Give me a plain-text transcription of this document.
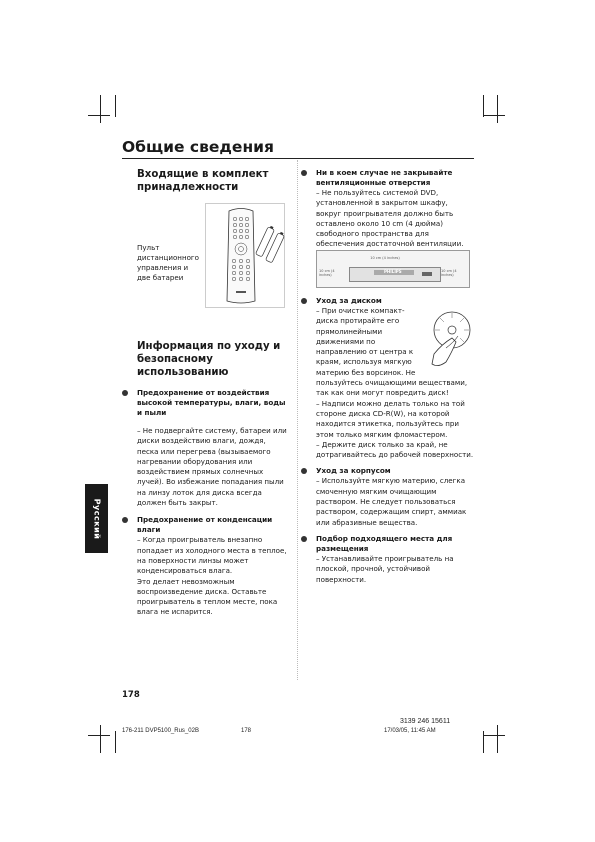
Общие сведения
Входящие в комплект принадлежности
Пульт дистанционного управления и две батареи
Информация по уходу и безопасному использованию
Предохранение от воздействия высокой температуры, влаги, воды и пыли

– Не подвергайте систему, батареи или диски воздействию влаги, дождя, песка или перегрева (вызываемого нагревании оборудования или воздействием прямых солнечных лучей). Во избежание попадания пыли на линзу лоток для диска всегда должен быть закрыт.

Предохранение от конденсации влаги

– Когда проигрыватель внезапно попадает из холодного места в теплое, на поверхности линзы может конденсироваться влага.

Это делает невозможным воспроизведение диска. Оставьте проигрыватель в теплом месте, пока влага не испарится.

Русский
Ни в коем случае не закрывайте вентиляционные отверстия

– Не пользуйтесь системой DVD, установленной в закрытом шкафу, вокруг проигрывателя должно быть оставлено около 10 cm (4 дюйма) свободного пространства для обеспечения достаточной вентиляции.

10 cm (4 inches)
10 cm (4 inches)
10 cm (4 inches)
PHILIPS
Уход за диском

– При очистке компакт-диска протирайте его прямолинейными движениями по направлению от центра к краям, используя мягкую материю без ворсинок. Не пользуйтесь очищающими веществами, так как они могут повредить диск!

– Надписи можно делать только на той стороне диска CD-R(W), на которой находится этикетка, пользуйтесь при этом только мягким фломастером.

– Держите диск только за край, не дотрагивайтесь до рабочей поверхности.

Уход за корпусом

– Используйте мягкую материю, слегка смоченную мягким очищающим раствором. Не следует пользоваться раствором, содержащим спирт, аммиак или абразивные вещества.

Подбор подходящего места для размещения

– Устанавливайте проигрыватель на плоской, прочной, устойчивой поверхности.

178
3139 246 15611
176-211 DVP5100_Rus_02B	178	17/03/05, 11:45 AM
